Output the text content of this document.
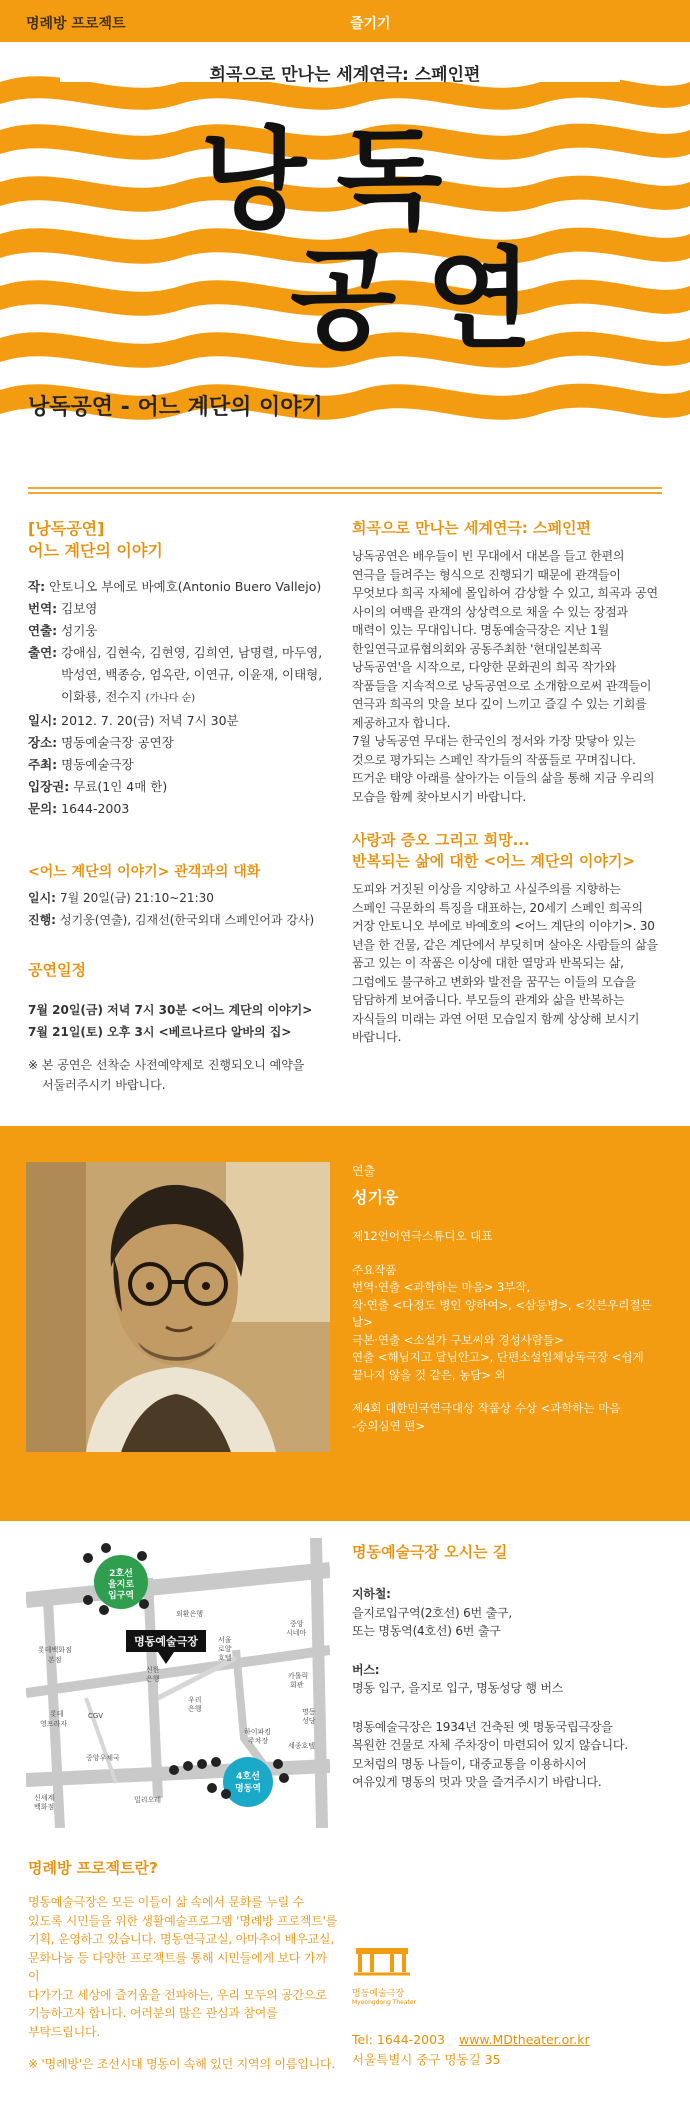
명례방 프로젝트	즐기기
희곡으로 만나는 세계연극: 스페인편
낭독
공연
낭독공연 - 어느 계단의 이야기
[낭독공연]
어느 계단의 이야기
작: 안토니오 부에로 바예호(Antonio Buero Vallejo)
번역: 김보영
연출: 성기웅
출연: 강애심, 김현숙, 김현영, 김희연, 남명렬, 마두영, 박성연, 백종승, 엄옥란, 이연규, 이윤재, 이태형, 이화룡, 전수지 (가나다 순)
일시: 2012. 7. 20(금) 저녁 7시 30분
장소: 명동예술극장 공연장
주최: 명동예술극장
입장권: 무료(1인 4매 한)
문의: 1644-2003
<어느 계단의 이야기> 관객과의 대화
일시: 7월 20일(금) 21:10~21:30
진행: 성기웅(연출), 김재선(한국외대 스페인어과 강사)
공연일정
7월 20일(금) 저녁 7시 30분 <어느 계단의 이야기>
7월 21일(토) 오후 3시 <베르나르다 알바의 집>
※ 본 공연은 선착순 사전예약제로 진행되오니 예약을
서둘러주시기 바랍니다.
희곡으로 만나는 세계연극: 스페인편
낭독공연은 배우들이 빈 무대에서 대본을 들고 한편의
연극을 들려주는 형식으로 진행되기 때문에 관객들이
무엇보다 희곡 자체에 몰입하여 감상할 수 있고, 희곡과 공연
사이의 여백을 관객의 상상력으로 채울 수 있는 장점과
매력이 있는 무대입니다. 명동예술극장은 지난 1월
한일연극교류협의회와 공동주최한 '현대일본희곡
낭독공연'을 시작으로, 다양한 문화권의 희곡 작가와
작품들을 지속적으로 낭독공연으로 소개함으로써 관객들이
연극과 희곡의 맛을 보다 깊이 느끼고 즐길 수 있는 기회를
제공하고자 합니다.
7월 낭독공연 무대는 한국인의 정서와 가장 맞닿아 있는
것으로 평가되는 스페인 작가들의 작품들로 꾸며집니다.
뜨거운 태양 아래를 살아가는 이들의 삶을 통해 지금 우리의
모습을 함께 찾아보시기 바랍니다.
사랑과 증오 그리고 희망...
반복되는 삶에 대한 <어느 계단의 이야기>
도피와 거짓된 이상을 지양하고 사실주의를 지향하는
스페인 극문화의 특징을 대표하는, 20세기 스페인 희곡의
거장 안토니오 부에로 바예호의 <어느 계단의 이야기>. 30
년을 한 건물, 같은 계단에서 부딪히며 살아온 사람들의 삶을
품고 있는 이 작품은 이상에 대한 열망과 반복되는 삶,
그럼에도 불구하고 변화와 발전을 꿈꾸는 이들의 모습을
담담하게 보여줍니다. 부모들의 관계와 삶을 반복하는
자식들의 미래는 과연 어떤 모습일지 함께 상상해 보시기
바랍니다.
연출
성기웅

제12언어연극스튜디오 대표

주요작품

번역·연출 <과학하는 마음> 3부작,

작·연출 <다정도 병인 양하여>, <삼등병>, <깃븐우리절믄날>

극본·연출 <소설가 구보씨와 경성사람들>

연출 <해님지고 달님안고>, 단편소설입체낭독극장 <쉽게

끝나지 않을 것 같은, 농담> 외

제4회 대한민국연극대상 작품상 수상 <과학하는 마음

-숭의심연 편>

2호선
을지로
입구역
4호선
명동역
명동예술극장
외환은행
롯데백화점
본점
롯데
영프라자
CGV
신한
은행
서울
로얄
호텔
우리
은행
중앙
시네마
카톨릭
회관
명동
성당
중앙우체국
신세계
백화점
밀리오레
하이파킹
주차장
세종호텔
명동예술극장 오시는 길
지하철:
을지로입구역(2호선) 6번 출구,
또는 명동역(4호선) 6번 출구
버스:
명동 입구, 을지로 입구, 명동성당 행 버스
명동예술극장은 1934년 건축된 옛 명동국립극장을
복원한 건물로 자체 주차장이 마련되어 있지 않습니다.
모처럼의 명동 나들이, 대중교통을 이용하시어
여유있게 명동의 멋과 맛을 즐겨주시기 바랍니다.
명례방 프로젝트란?
명동예술극장은 모든 이들이 삶 속에서 문화를 누릴 수
있도록 시민들을 위한 생활예술프로그램 '명례방 프로젝트'를
기획, 운영하고 있습니다. 명동연극교실, 아마추어 배우교실,
문화나눔 등 다양한 프로젝트를 통해 시민들에게 보다 가까이
다가가고 세상에 즐거움을 전파하는, 우리 모두의 공간으로
기능하고자 합니다. 여러분의 많은 관심과 참여를
부탁드립니다.
※ '명례방'은 조선시대 명동이 속해 있던 지역의 이름입니다.
명동예술극장
Myeongdong Theater
Tel: 1644-2003 www.MDtheater.or.kr
서울특별시 중구 명동길 35
